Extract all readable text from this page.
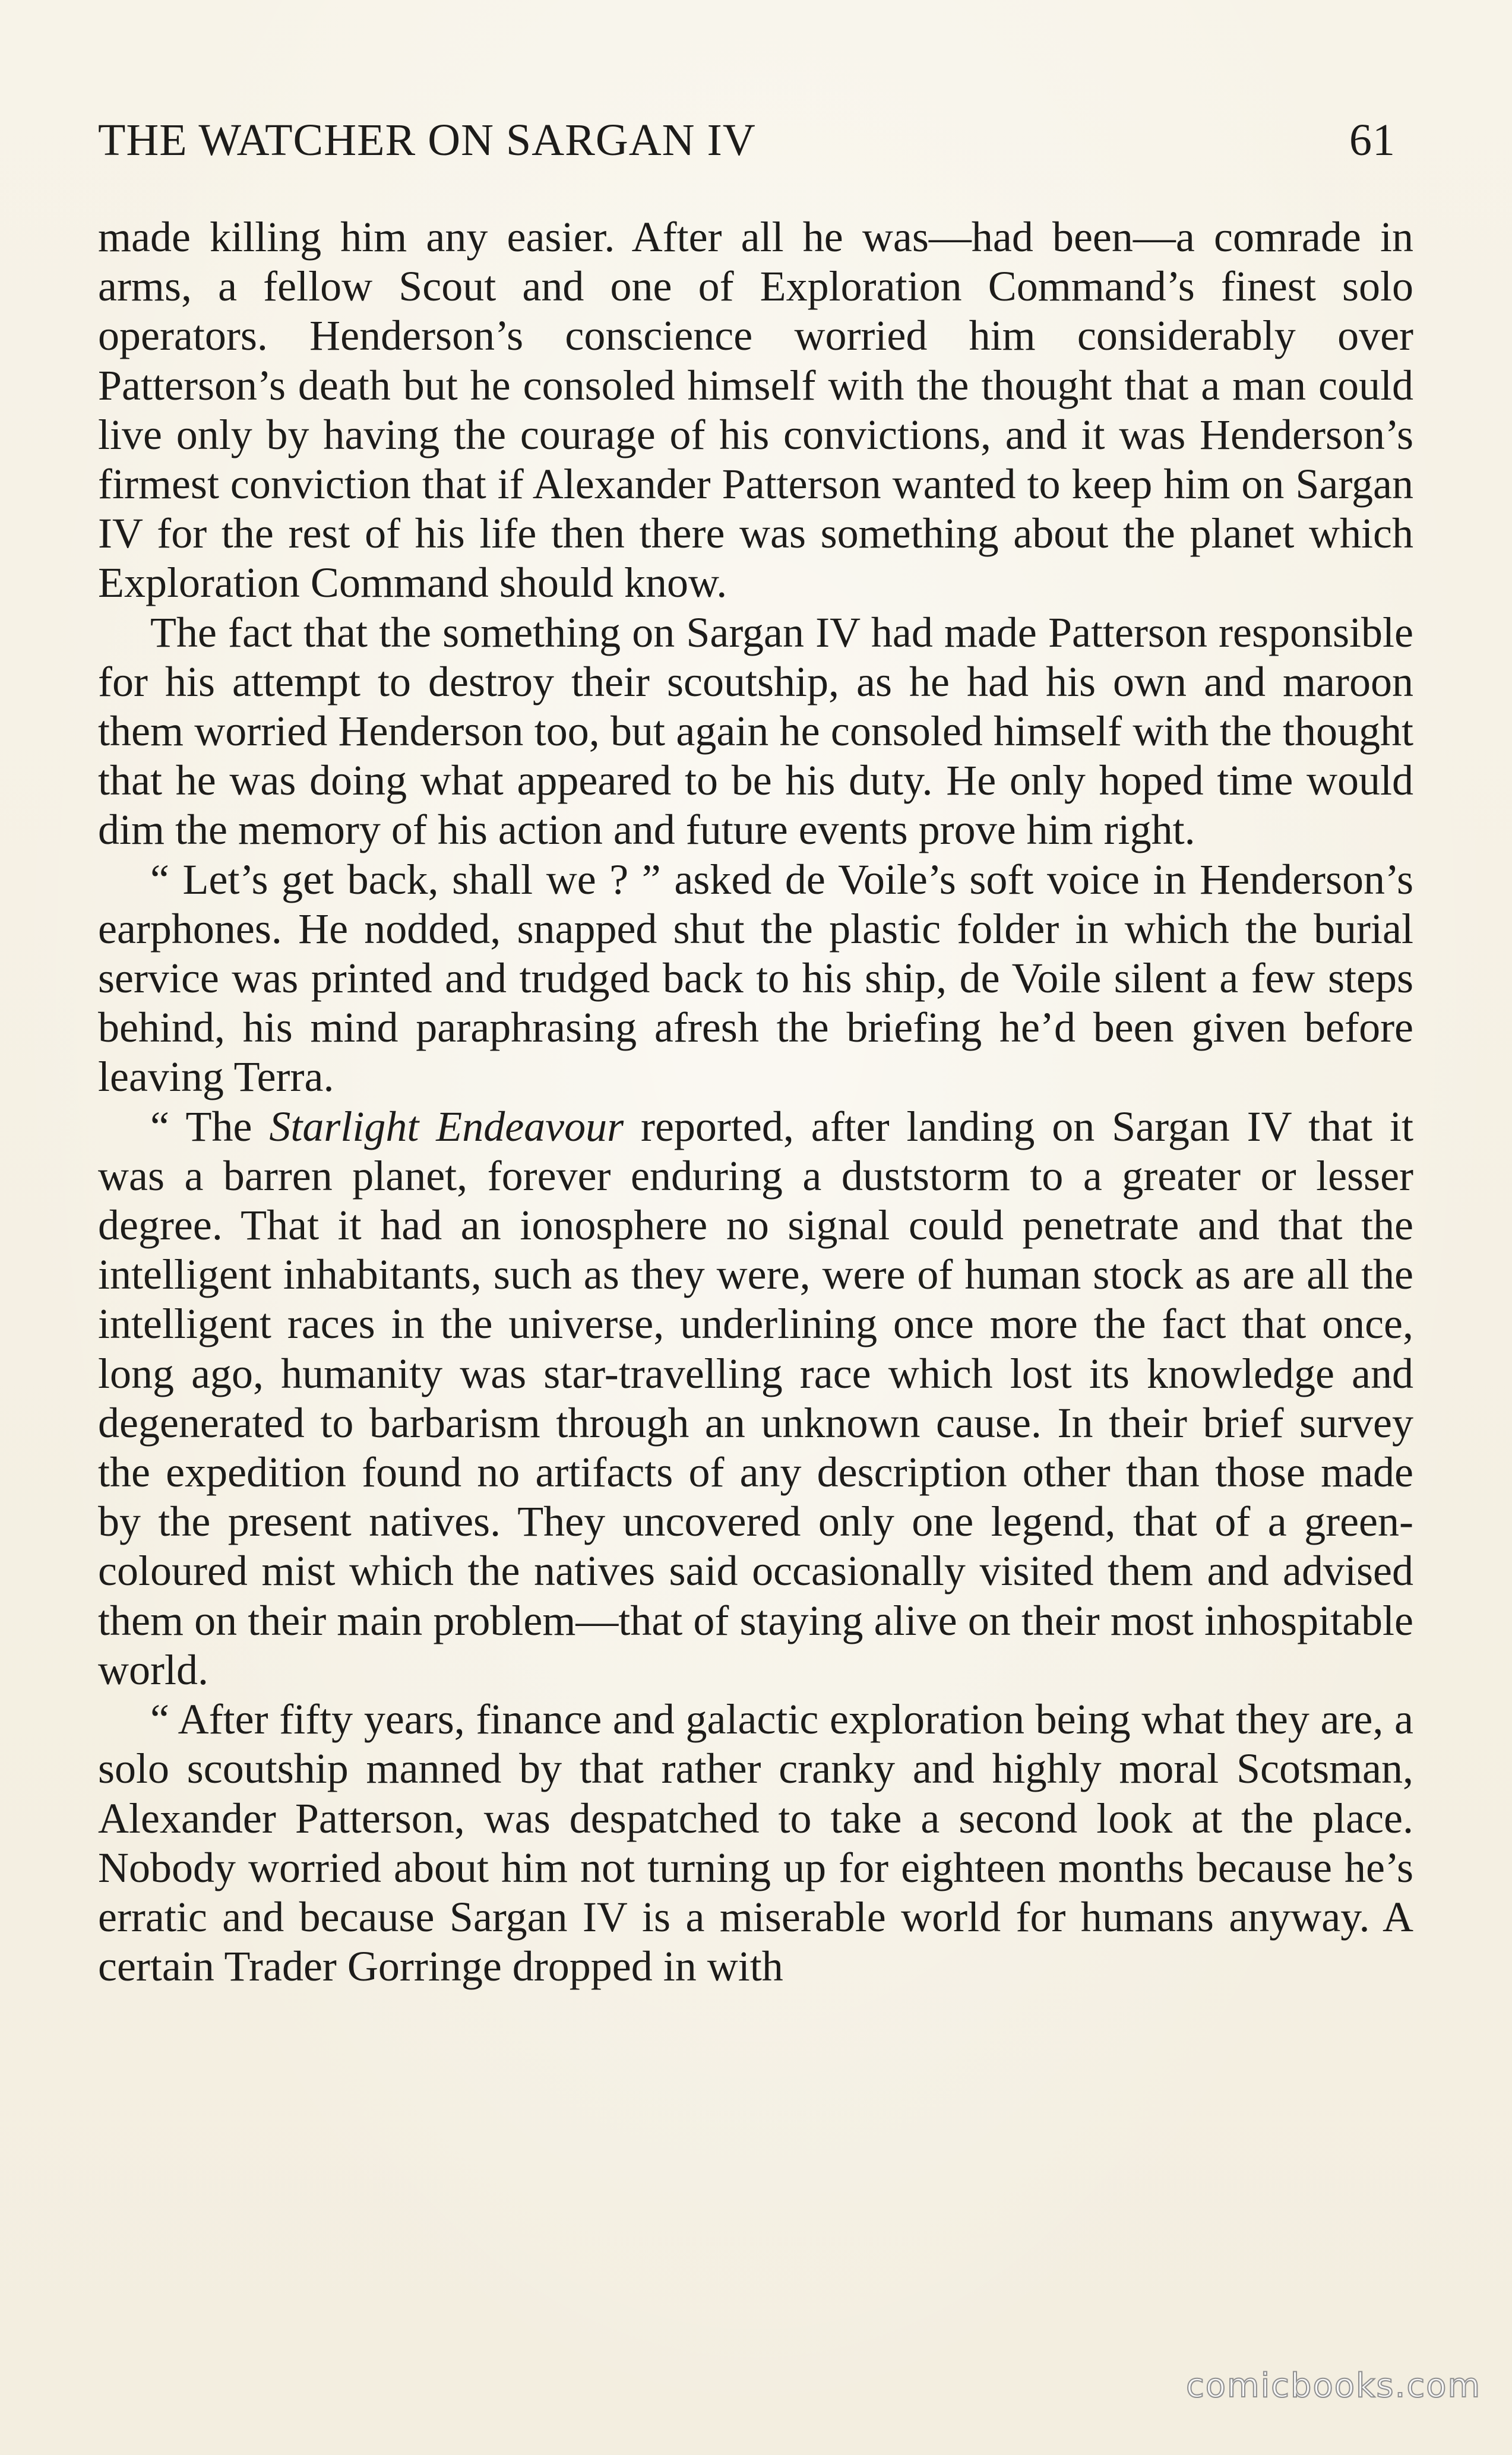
THE WATCHER ON SARGAN IV	61

made killing him any easier. After all he was—had been—a comrade in arms, a fellow Scout and one of Exploration Command’s finest solo operators. Henderson’s conscience worried him considerably over Patterson’s death but he consoled himself with the thought that a man could live only by having the courage of his convictions, and it was Henderson’s firmest conviction that if Alexander Patterson wanted to keep him on Sargan IV for the rest of his life then there was something about the planet which Exploration Command should know.

The fact that the something on Sargan IV had made Patterson responsible for his attempt to destroy their scoutship, as he had his own and maroon them worried Henderson too, but again he consoled himself with the thought that he was doing what appeared to be his duty. He only hoped time would dim the memory of his action and future events prove him right.

“ Let’s get back, shall we ? ” asked de Voile’s soft voice in Henderson’s earphones. He nodded, snapped shut the plastic folder in which the burial service was printed and trudged back to his ship, de Voile silent a few steps behind, his mind paraphrasing afresh the briefing he’d been given before leaving Terra.

“ The Starlight Endeavour reported, after landing on Sargan IV that it was a barren planet, forever enduring a duststorm to a greater or lesser degree. That it had an ionosphere no signal could penetrate and that the intelligent inhabitants, such as they were, were of human stock as are all the intelligent races in the universe, underlining once more the fact that once, long ago, humanity was star-travelling race which lost its knowledge and degenerated to barbarism through an unknown cause. In their brief survey the expedition found no artifacts of any description other than those made by the present natives. They uncovered only one legend, that of a green-coloured mist which the natives said occasionally visited them and advised them on their main problem—that of staying alive on their most inhospitable world.

“ After fifty years, finance and galactic exploration being what they are, a solo scoutship manned by that rather cranky and highly moral Scotsman, Alexander Patterson, was despatched to take a second look at the place. Nobody worried about him not turning up for eighteen months because he’s erratic and because Sargan IV is a miserable world for humans anyway. A certain Trader Gorringe dropped in with

comicbooks.com
